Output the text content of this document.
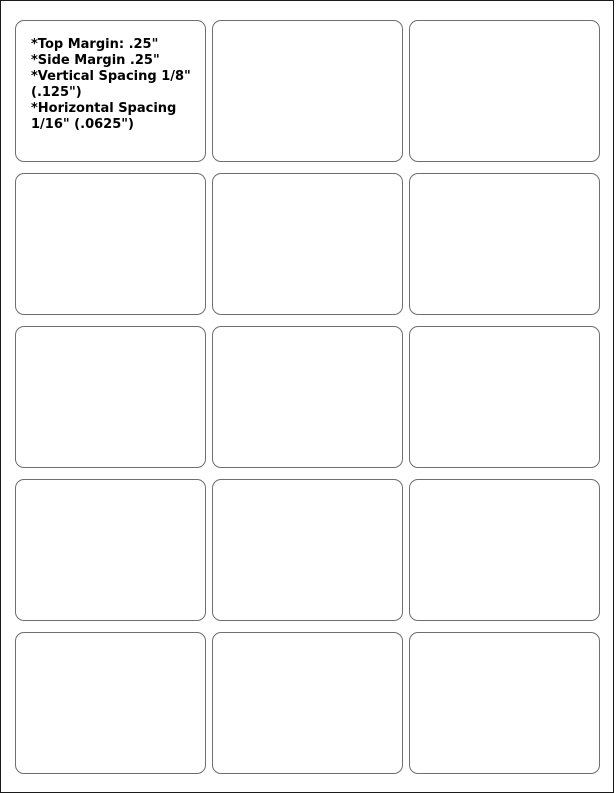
*Top Margin: .25"
*Side Margin .25"
*Vertical Spacing 1/8"
(.125")
*Horizontal Spacing
1/16" (.0625")
